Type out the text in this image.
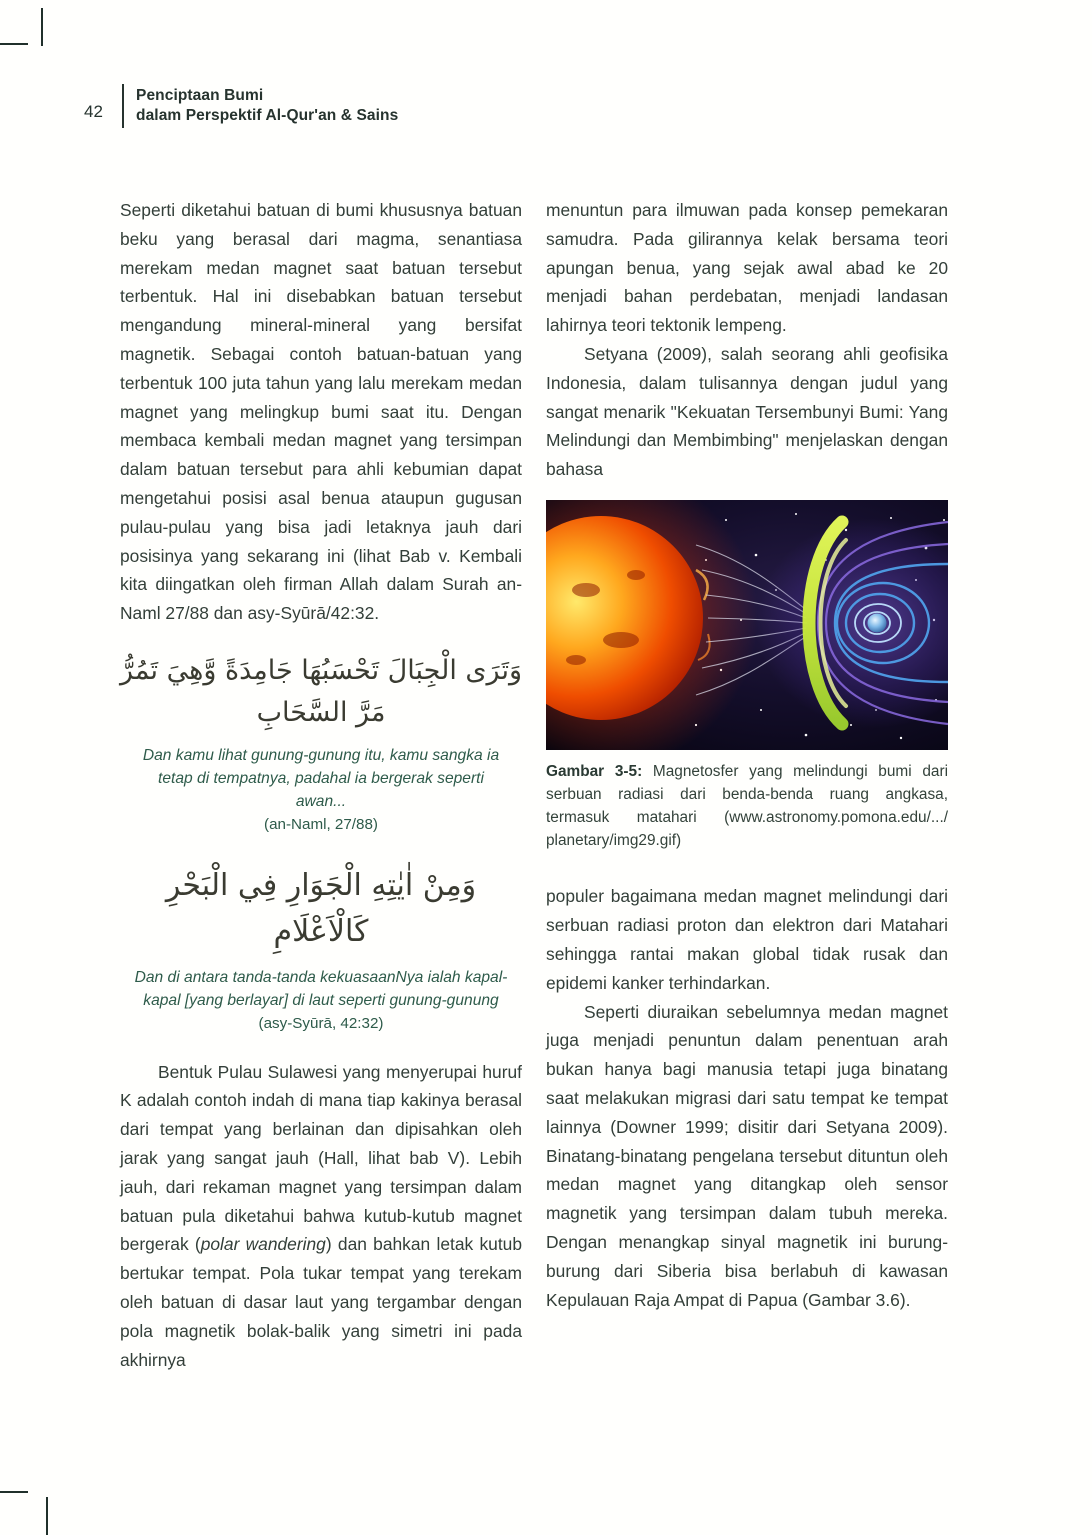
42
Penciptaan Bumi
dalam Perspektif Al-Qur'an & Sains

Seperti diketahui batuan di bumi khususnya batuan beku yang berasal dari magma, senantiasa merekam medan magnet saat batuan tersebut terbentuk. Hal ini disebabkan batuan tersebut mengandung mineral-mineral yang bersifat magnetik. Sebagai contoh batuan-batuan yang terbentuk 100 juta tahun yang lalu merekam medan magnet yang melingkup bumi saat itu. Dengan membaca kembali medan magnet yang tersimpan dalam batuan tersebut para ahli kebumian dapat mengetahui posisi asal benua ataupun gugusan pulau-pulau yang bisa jadi letaknya jauh dari posisinya yang sekarang ini (lihat Bab v. Kembali kita diingatkan oleh firman Allah dalam Surah an-Naml 27/88 dan asy-Syūrā/42:32.

وَتَرَى الْجِبَالَ تَحْسَبُهَا جَامِدَةً وَّهِيَ تَمُرُّ مَرَّ السَّحَابِ

Dan kamu lihat gunung-gunung itu, kamu sangka ia tetap di tempatnya, padahal ia bergerak seperti awan...

(an-Naml, 27/88)

وَمِنْ اٰيٰتِهِ الْجَوَارِ فِي الْبَحْرِ كَالْاَعْلَامِ

Dan di antara tanda-tanda kekuasaanNya ialah kapal-kapal [yang berlayar] di laut seperti gunung-gunung

(asy-Syūrā, 42:32)

Bentuk Pulau Sulawesi yang menyerupai huruf K adalah contoh indah di mana tiap kakinya berasal dari tempat yang berlainan dan dipisahkan oleh jarak yang sangat jauh (Hall, lihat bab V). Lebih jauh, dari rekaman magnet yang tersimpan dalam batuan pula diketahui bahwa kutub-kutub magnet bergerak (polar wandering) dan bahkan letak kutub bertukar tempat. Pola tukar tempat yang terekam oleh batuan di dasar laut yang tergambar dengan pola magnetik bolak-balik yang simetri ini pada akhirnya

menuntun para ilmuwan pada konsep pemekaran samudra. Pada gilirannya kelak bersama teori apungan benua, yang sejak awal abad ke 20 menjadi bahan perdebatan, menjadi landasan lahirnya teori tektonik lempeng.

Setyana (2009), salah seorang ahli geofisika Indonesia, dalam tulisannya dengan judul yang sangat menarik "Kekuatan Tersembunyi Bumi: Yang Melindungi dan Membimbing" menjelaskan dengan bahasa

Gambar 3-5: Magnetosfer yang melindungi bumi dari serbuan radiasi dari benda-benda ruang angkasa, termasuk matahari (www.astronomy.pomona.edu/.../ planetary/img29.gif)

populer bagaimana medan magnet melindungi dari serbuan radiasi proton dan elektron dari Matahari sehingga rantai makan global tidak rusak dan epidemi kanker terhindarkan.

Seperti diuraikan sebelumnya medan magnet juga menjadi penuntun dalam penentuan arah bukan hanya bagi manusia tetapi juga binatang saat melakukan migrasi dari satu tempat ke tempat lainnya (Downer 1999; disitir dari Setyana 2009). Binatang-binatang pengelana tersebut dituntun oleh medan magnet yang ditangkap oleh sensor magnetik yang tersimpan dalam tubuh mereka. Dengan menangkap sinyal magnetik ini burung-burung dari Siberia bisa berlabuh di kawasan Kepulauan Raja Ampat di Papua (Gambar 3.6).
